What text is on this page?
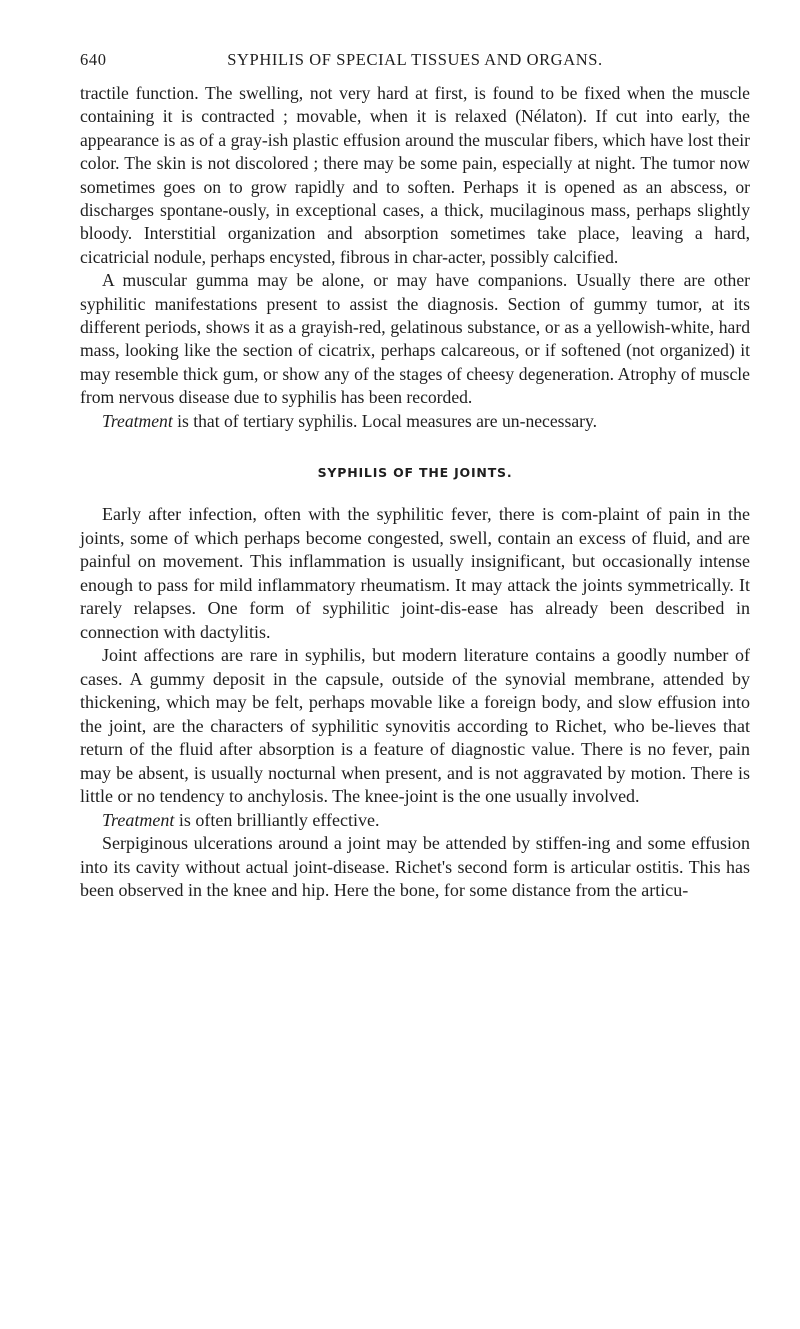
640	SYPHILIS OF SPECIAL TISSUES AND ORGANS.

tractile function. The swelling, not very hard at first, is found to be fixed when the muscle containing it is contracted ; movable, when it is relaxed (Nélaton). If cut into early, the appearance is as of a gray-ish plastic effusion around the muscular fibers, which have lost their color. The skin is not discolored ; there may be some pain, especially at night. The tumor now sometimes goes on to grow rapidly and to soften. Perhaps it is opened as an abscess, or discharges spontane-ously, in exceptional cases, a thick, mucilaginous mass, perhaps slightly bloody. Interstitial organization and absorption sometimes take place, leaving a hard, cicatricial nodule, perhaps encysted, fibrous in char-acter, possibly calcified.

A muscular gumma may be alone, or may have companions. Usually there are other syphilitic manifestations present to assist the diagnosis. Section of gummy tumor, at its different periods, shows it as a grayish-red, gelatinous substance, or as a yellowish-white, hard mass, looking like the section of cicatrix, perhaps calcareous, or if softened (not organized) it may resemble thick gum, or show any of the stages of cheesy degeneration. Atrophy of muscle from nervous disease due to syphilis has been recorded.

Treatment is that of tertiary syphilis. Local measures are un-necessary.

SYPHILIS OF THE JOINTS.

Early after infection, often with the syphilitic fever, there is com-plaint of pain in the joints, some of which perhaps become congested, swell, contain an excess of fluid, and are painful on movement. This inflammation is usually insignificant, but occasionally intense enough to pass for mild inflammatory rheumatism. It may attack the joints symmetrically. It rarely relapses. One form of syphilitic joint-dis-ease has already been described in connection with dactylitis.

Joint affections are rare in syphilis, but modern literature contains a goodly number of cases. A gummy deposit in the capsule, outside of the synovial membrane, attended by thickening, which may be felt, perhaps movable like a foreign body, and slow effusion into the joint, are the characters of syphilitic synovitis according to Richet, who be-lieves that return of the fluid after absorption is a feature of diagnostic value. There is no fever, pain may be absent, is usually nocturnal when present, and is not aggravated by motion. There is little or no tendency to anchylosis. The knee-joint is the one usually involved.

Treatment is often brilliantly effective.

Serpiginous ulcerations around a joint may be attended by stiffen-ing and some effusion into its cavity without actual joint-disease. Richet's second form is articular ostitis. This has been observed in the knee and hip. Here the bone, for some distance from the articu-
